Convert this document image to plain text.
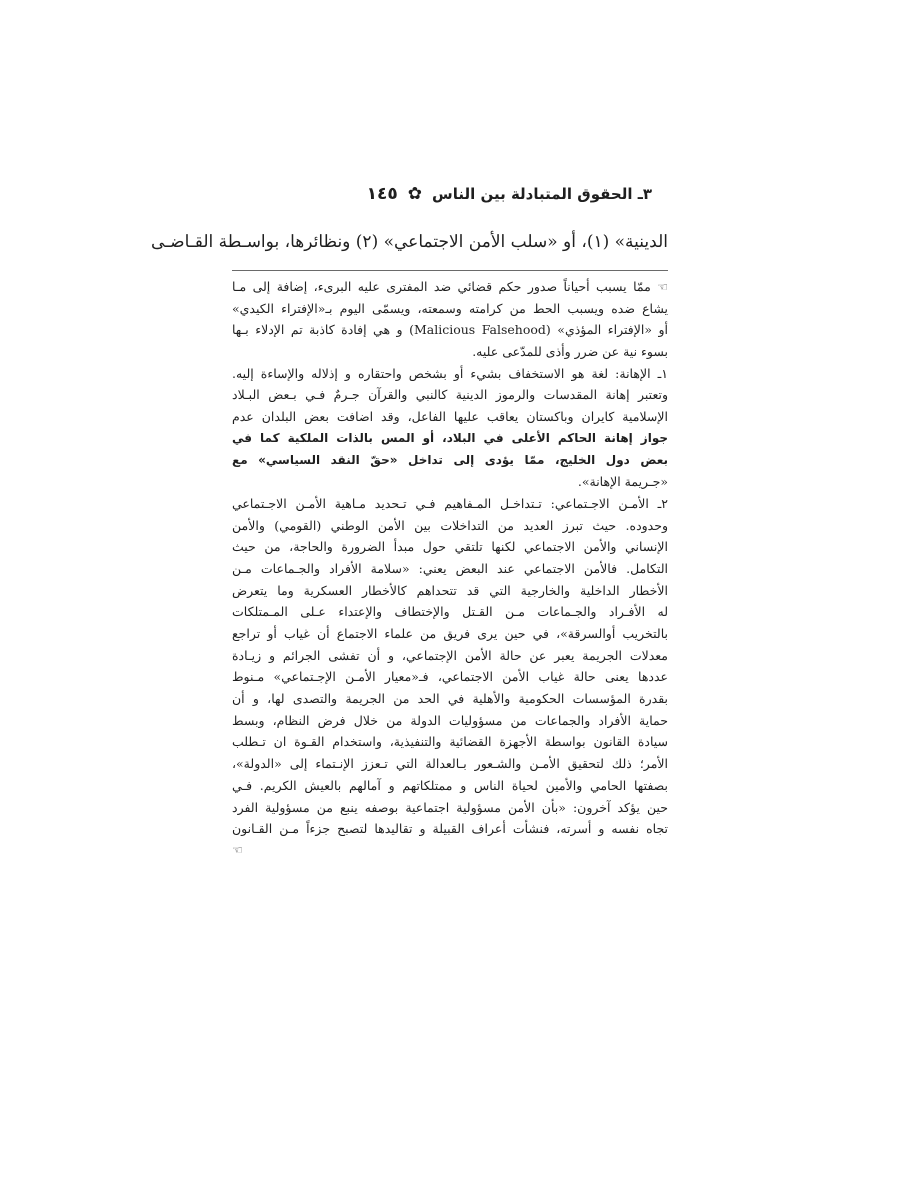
٣ـ الحقوق المتبادلة بين الناس
✿
١٤٥
الدينية» (١)، أو «سلب الأمن الاجتماعي» (٢) ونظائرها، بواسـطة القـاضـى
☜ ممّا يسبب أحياناً صدور حكم قضائي ضد المفترى عليه البرىء، إضافة إلى مـا
يشاع ضده ويسبب الحط من كرامته وسمعته، ويسمّى اليوم بـ«الإفتراء الكيدي»
أو «الإفتراء المؤذي» (Malicious Falsehood) و هي إفادة كاذبة تم الإدلاء بـها
بسوء نية عن ضرر وأذى للمدّعى عليه.
١ـ الإهانة: لغة هو الاستخفاف بشيء أو بشخص واحتقاره و إذلاله والإساءة إليه.
وتعتبر إهانة المقدسات والرموز الدينية كالنبي والقرآن جـرمٌ فـي بـعض البـلاد
الإسلامية كايران وباكستان يعاقب عليها الفاعل، وقد اضافت بعض البلدان عدم
جواز إهانة الحاكم الأعلى في البلاد، أو المس بالذات الملكية كما في
بعض دول الخليج، ممّا يؤدى إلى تداخل «حقّ النقد السياسي» مع
«جـريمة الإهانة».
٢ـ الأمـن الاجـتماعي: تـتداخـل المـفاهيم فـي تـحديد مـاهية الأمـن الاجـتماعي
وحدوده. حيث تبرز العديد من التداخلات بين الأمن الوطني (القومي) والأمن
الإنساني والأمن الاجتماعي لكنها تلتقي حول مبدأ الضرورة والحاجة، من حيث
التكامل. فالأمن الاجتماعي عند البعض يعني: «سلامة الأفراد والجـماعات مـن
الأخطار الداخلية والخارجية التي قد تتحداهم كالأخطار العسكرية وما يتعرض
له الأفـراد والجـماعات مـن القـتل والإختطاف والإعتداء عـلى المـمتلكات
بالتخريب أوالسرقة»، في حين يرى فريق من علماء الاجتماع أن غياب أو تراجع
معدلات الجريمة يعبر عن حالة الأمن الإجتماعي، و أن تفشى الجرائم و زيـادة
عددها يعنى حالة غياب الأمن الاجتماعي، فـ«معيار الأمـن الإجـتماعي» مـنوط
بقدرة المؤسسات الحكومية والأهلية في الحد من الجريمة والتصدى لها، و أن
حماية الأفراد والجماعات من مسؤوليات الدولة من خلال فرض النظام، وبسط
سيادة القانون بواسطة الأجهزة القضائية والتنفيذية، واستخدام القـوة ان تـطلب
الأمر؛ ذلك لتحقيق الأمـن والشـعور بـالعدالة التي تـعزز الإنـتماء إلى «الدولة»،
بصفتها الحامي والأمين لحياة الناس و ممتلكاتهم و آمالهم بالعيش الكريم. فـي
حين يؤكد آخرون: «بأن الأمن مسؤولية اجتماعية بوصفه ينبع من مسؤولية الفرد
تجاه نفسه و أسرته، فنشأت أعراف القبيلة و تقاليدها لتصبح جزءاً مـن القـانون
☜
